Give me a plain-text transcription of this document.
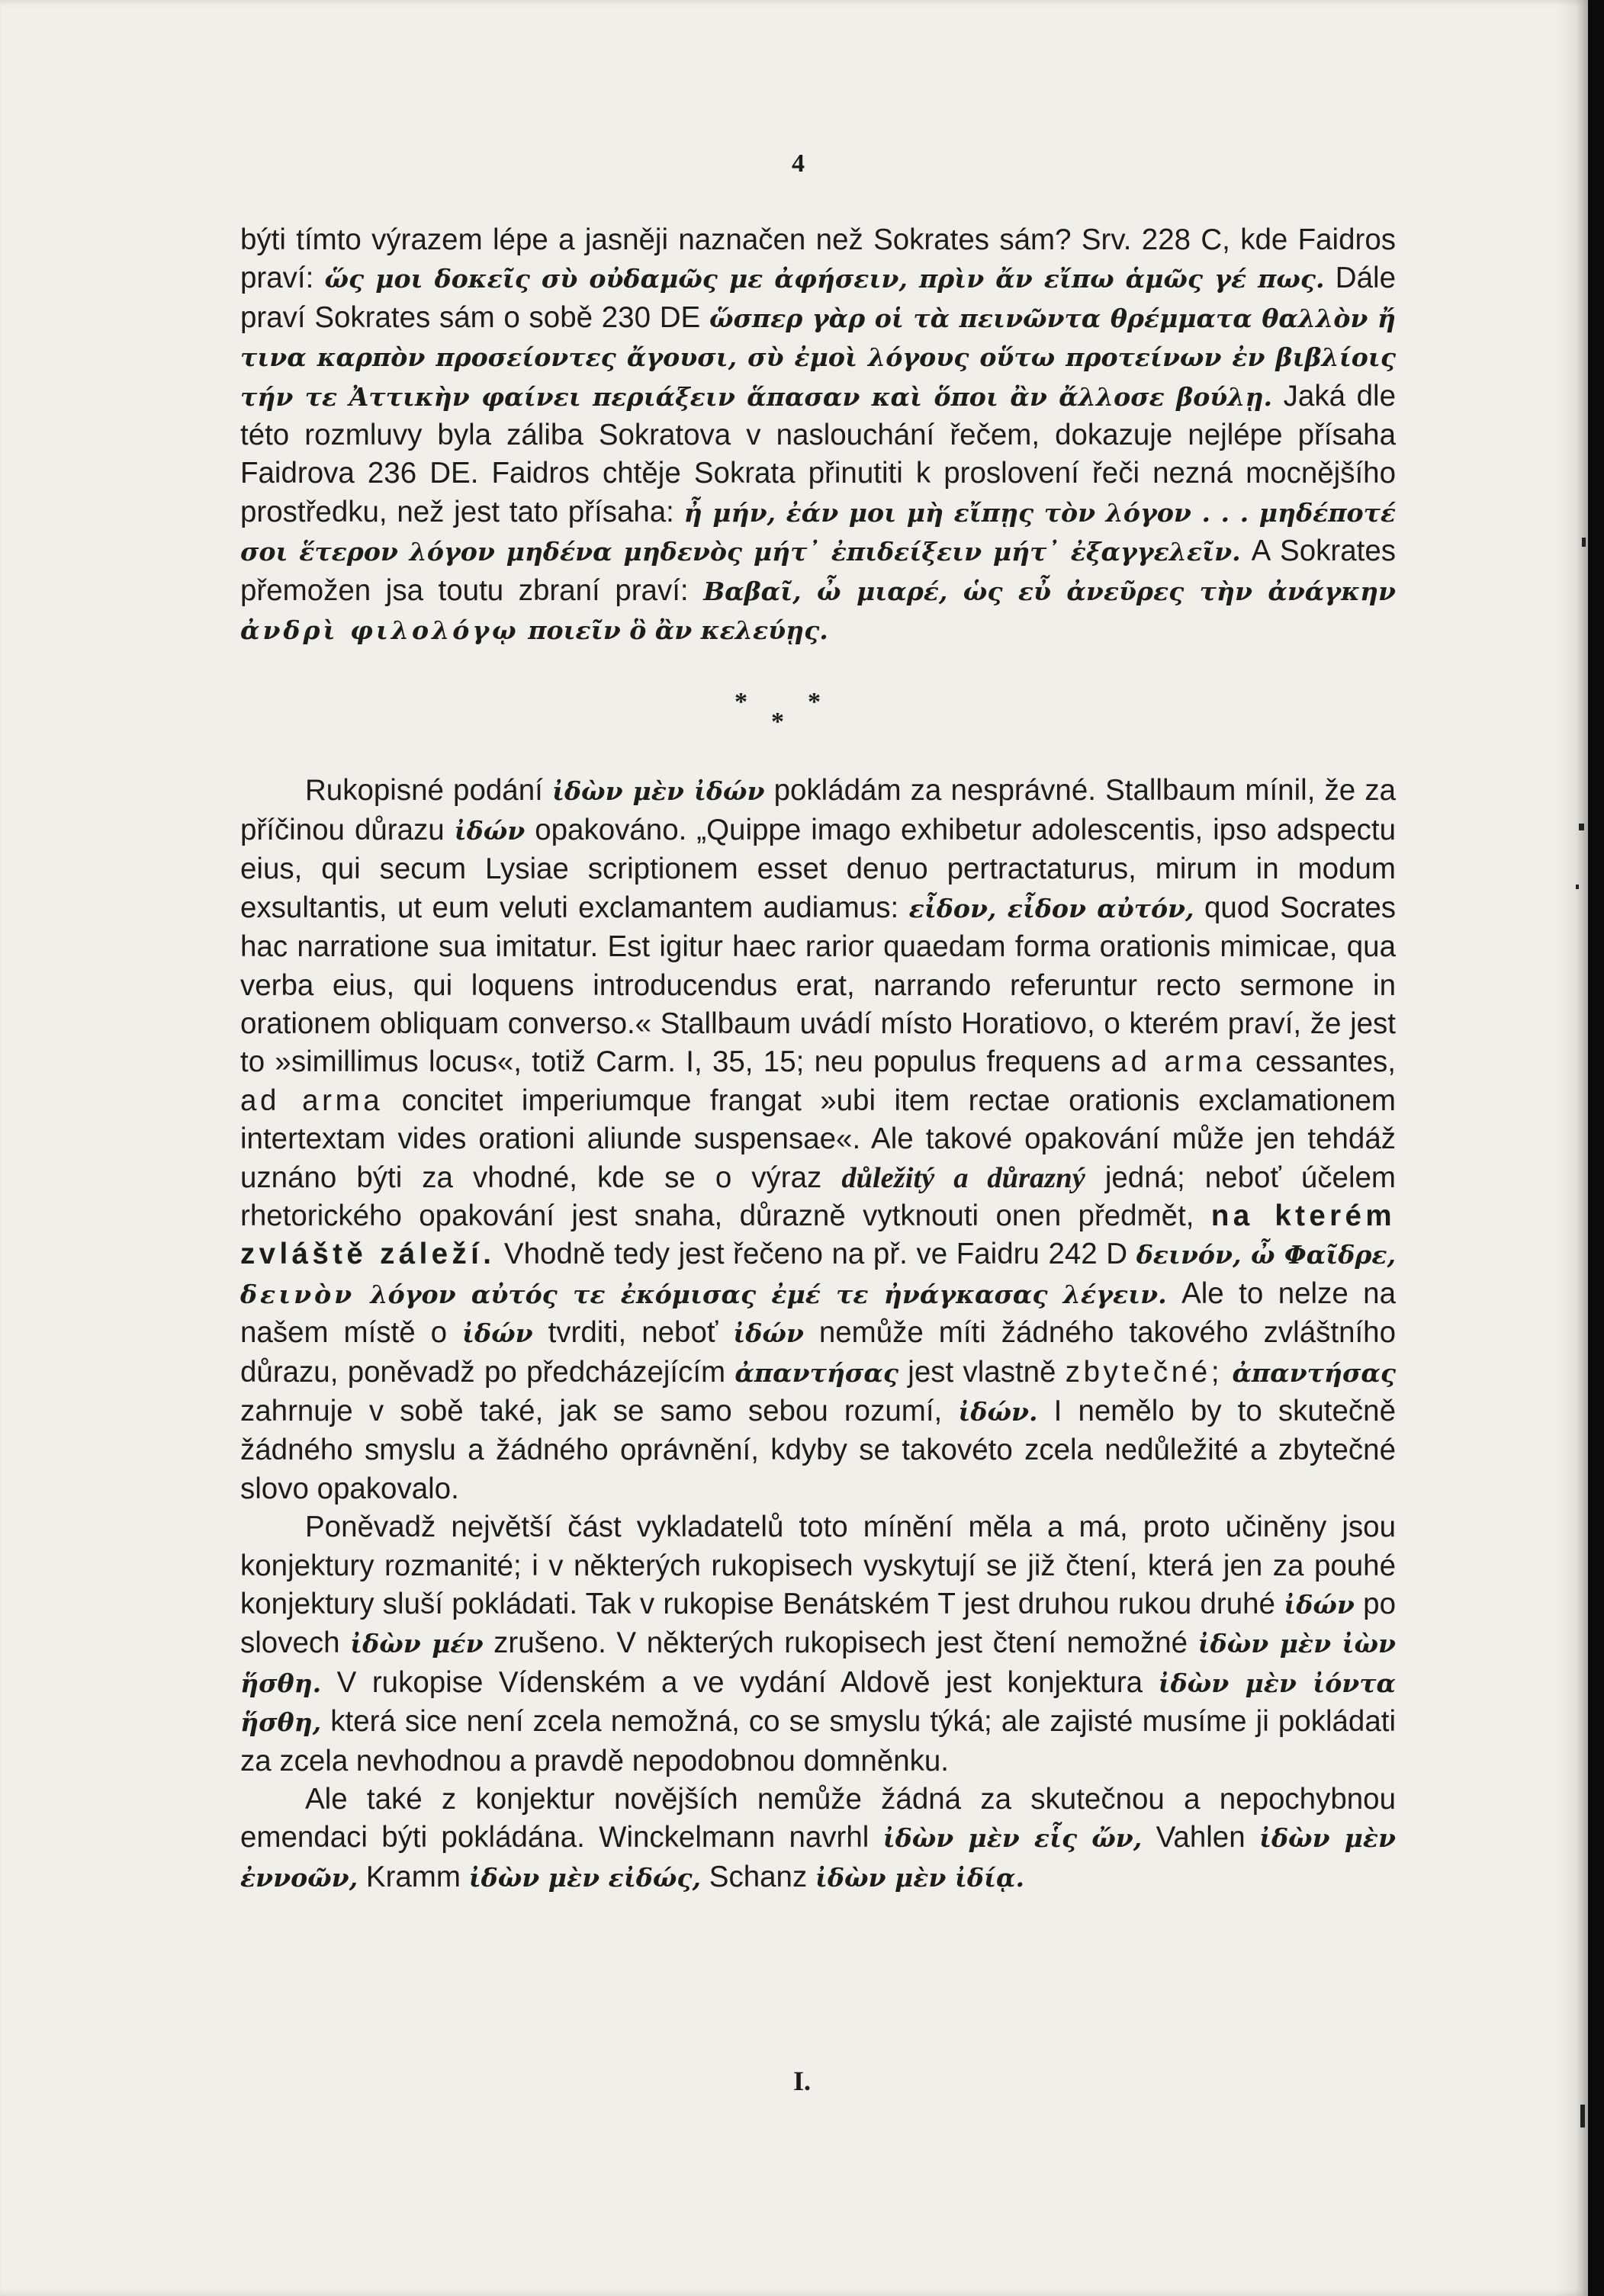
4

býti tímto výrazem lépe a jasněji naznačen než Sokrates sám? Srv. 228 C, kde Faidros praví: ὥς μοι δοκεῖς σὺ οὐδαμῶς με ἀφήσειν, πρὶν ἄν εἴπω ἁμῶς γέ πως. Dále praví Sokrates sám o sobě 230 DE ὥσπερ γὰρ οἱ τὰ πεινῶντα θρέμματα θαλλὸν ἤ τινα καρπὸν προσείοντες ἄγουσι, σὺ ἐμοὶ λόγους οὕτω προτείνων ἐν βιβλίοις τήν τε Ἀττικὴν φαίνει περιάξειν ἅπασαν καὶ ὅποι ἂν ἄλλοσε βούλῃ. Jaká dle této rozmluvy byla záliba Sokratova v naslouchání řečem, dokazuje nejlépe přísaha Faidrova 236 DE. Faidros chtěje Sokrata přinutiti k proslovení řeči nezná mocnějšího prostředku, než jest tato přísaha: ἦ μήν, ἐάν μοι μὴ εἴπῃς τὸν λόγον . . . μηδέποτέ σοι ἕτερον λόγον μηδένα μηδενὸς μήτ᾽ ἐπιδείξειν μήτ᾽ ἐξαγγελεῖν. A Sokrates přemožen jsa toutu zbraní praví: Βαβαῖ, ὦ μιαρέ, ὡς εὖ ἀνεῦρες τὴν ἀνάγκην ἀνδρὶ φιλολόγῳ ποιεῖν ὃ ἂν κελεύῃς.

*
*
*

Rukopisné podání ἰδὼν μὲν ἰδών pokládám za nesprávné. Stallbaum mínil, že za příčinou důrazu ἰδών opakováno. „Quippe imago exhibetur adolescentis, ipso adspectu eius, qui secum Lysiae scriptionem esset denuo pertractaturus, mirum in modum exsultantis, ut eum veluti exclamantem audiamus: εἶδον, εἶδον αὐτόν, quod Socrates hac narratione sua imitatur. Est igitur haec rarior quaedam forma orationis mimicae, qua verba eius, qui loquens introducendus erat, narrando referuntur recto sermone in orationem obliquam converso.« Stallbaum uvádí místo Horatiovo, o kterém praví, že jest to »simillimus locus«, totiž Carm. I, 35, 15; neu populus frequens ad arma cessantes, ad arma concitet imperiumque frangat »ubi item rectae orationis exclamationem intertextam vides orationi aliunde suspensae«. Ale takové opakování může jen tehdáž uznáno býti za vhodné, kde se o výraz důležitý a důrazný jedná; neboť účelem rhetorického opakování jest snaha, důrazně vytknouti onen předmět, na kterém zvláště záleží. Vhodně tedy jest řečeno na př. ve Faidru 242 D δεινόν, ὦ Φαῖδρε, δεινὸν λόγον αὐτός τε ἐκόμισας ἐμέ τε ἠνάγκασας λέγειν. Ale to nelze na našem místě o ἰδών tvrditi, neboť ἰδών nemůže míti žádného takového zvláštního důrazu, poněvadž po předcházejícím ἀπαντήσας jest vlastně zbytečné; ἀπαντήσας zahrnuje v sobě také, jak se samo sebou rozumí, ἰδών. I nemělo by to skutečně žádného smyslu a žádného oprávnění, kdyby se takovéto zcela nedůležité a zbytečné slovo opakovalo.

Poněvadž největší část vykladatelů toto mínění měla a má, proto učiněny jsou konjektury rozmanité; i v některých rukopisech vyskytují se již čtení, která jen za pouhé konjektury sluší pokládati. Tak v rukopise Benátském T jest druhou rukou druhé ἰδών po slovech ἰδὼν μέν zrušeno. V některých rukopisech jest čtení nemožné ἰδὼν μὲν ἰὼν ἥσθη. V rukopise Vídenském a ve vydání Aldově jest konjektura ἰδὼν μὲν ἰόντα ἥσθη, která sice není zcela nemožná, co se smyslu týká; ale zajisté musíme ji pokládati za zcela nevhodnou a pravdě nepodobnou domněnku.

Ale také z konjektur novějších nemůže žádná za skutečnou a nepochybnou emendaci býti pokládána. Winckelmann navrhl ἰδὼν μὲν εἷς ὤν, Vahlen ἰδὼν μὲν ἐννοῶν, Kramm ἰδὼν μὲν εἰδώς, Schanz ἰδὼν μὲν ἰδίᾳ.

I.
